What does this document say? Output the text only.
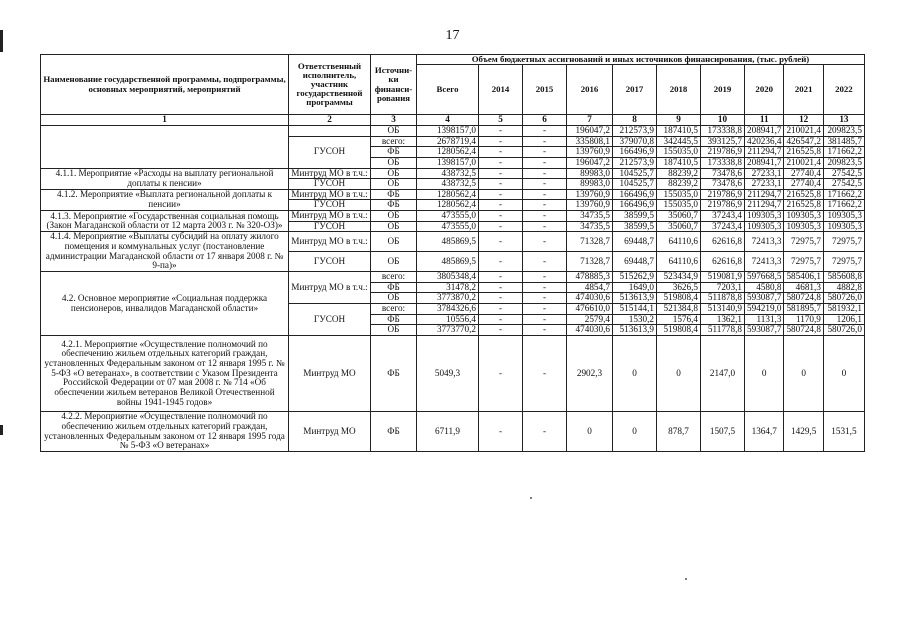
17
Наименование государственной программы, подпрограммы, основных мероприятий, мероприятий	Ответственный исполнитель, участник государственной программы	Источни-ки финанси-рования	Объем бюджетных ассигнований и иных источников финансирования, (тыс. рублей)									
			Всего	2014	2015	2016	2017	2018	2019	2020	2021	2022
1	2	3	4	5	6	7	8	9	10	11	12	13
		ОБ	1398157,0	-	-	196047,2	212573,9	187410,5	173338,8	208941,7	210021,4	209823,5
	ГУСОН	всего:	2678719,4	-	-	335808,1	379070,8	342445,5	393125,7	420236,4	426547,2	381485,7
		ФБ	1280562,4	-	-	139760,9	166496,9	155035,0	219786,9	211294,7	216525,8	171662,2
		ОБ	1398157,0	-	-	196047,2	212573,9	187410,5	173338,8	208941,7	210021,4	209823,5
4.1.1. Мероприятие «Расходы на выплату региональной доплаты к пенсии»	Минтруд МО в т.ч.:	ОБ	438732,5	-	-	89983,0	104525,7	88239,2	73478,6	27233,1	27740,4	27542,5
	ГУСОН	ОБ	438732,5	-	-	89983,0	104525,7	88239,2	73478,6	27233,1	27740,4	27542,5
4.1.2. Мероприятие «Выплата региональной доплаты к пенсии»	Минтруд МО в т.ч.:	ФБ	1280562,4	-	-	139760,9	166496,9	155035,0	219786,9	211294,7	216525,8	171662,2
	ГУСОН	ФБ	1280562,4	-	-	139760,9	166496,9	155035,0	219786,9	211294,7	216525,8	171662,2
4.1.3. Мероприятие «Государственная социальная помощь (Закон Магаданской области от 12 марта 2003 г. № 320-ОЗ)»	Минтруд МО в т.ч.:	ОБ	473555,0	-	-	34735,5	38599,5	35060,7	37243,4	109305,3	109305,3	109305,3
	ГУСОН	ОБ	473555,0	-	-	34735,5	38599,5	35060,7	37243,4	109305,3	109305,3	109305,3
4.1.4. Мероприятие «Выплаты субсидий на оплату жилого помещения и коммунальных услуг (постановление администрации Магаданской области от 17 января 2008 г. № 9-па)»	Минтруд МО в т.ч.:	ОБ	485869,5	-	-	71328,7	69448,7	64110,6	62616,8	72413,3	72975,7	72975,7
	ГУСОН	ОБ	485869,5	-	-	71328,7	69448,7	64110,6	62616,8	72413,3	72975,7	72975,7
4.2. Основное мероприятие «Социальная поддержка пенсионеров, инвалидов Магаданской области»	Минтруд МО в т.ч.:	всего:	3805348,4	-	-	478885,3	515262,9	523434,9	519081,9	597668,5	585406,1	585608,8
		ФБ	31478,2	-	-	4854,7	1649,0	3626,5	7203,1	4580,8	4681,3	4882,8
		ОБ	3773870,2	-	-	474030,6	513613,9	519808,4	511878,8	593087,7	580724,8	580726,0
	ГУСОН	всего:	3784326,6	-	-	476610,0	515144,1	521384,8	513140,9	594219,0	581895,7	581932,1
		ФБ	10556,4	-	-	2579,4	1530,2	1576,4	1362,1	1131,3	1170,9	1206,1
		ОБ	3773770,2	-	-	474030,6	513613,9	519808,4	511778,8	593087,7	580724,8	580726,0
4.2.1. Мероприятие «Осуществление полномочий по обеспечению жильем отдельных категорий граждан, установленных Федеральным законом от 12 января 1995 г. № 5-ФЗ «О ветеранах», в соответствии с Указом Президента Российской Федерации от 07 мая 2008 г. № 714 «Об обеспечении жильем ветеранов Великой Отечественной войны 1941-1945 годов»	Минтруд МО	ФБ	5049,3	-	-	2902,3	0	0	2147,0	0	0	0
4.2.2. Мероприятие «Осуществление полномочий по обеспечению жильем отдельных категорий граждан, установленных Федеральным законом от 12 января 1995 года № 5-ФЗ «О ветеранах»	Минтруд МО	ФБ	6711,9	-	-	0	0	878,7	1507,5	1364,7	1429,5	1531,5
